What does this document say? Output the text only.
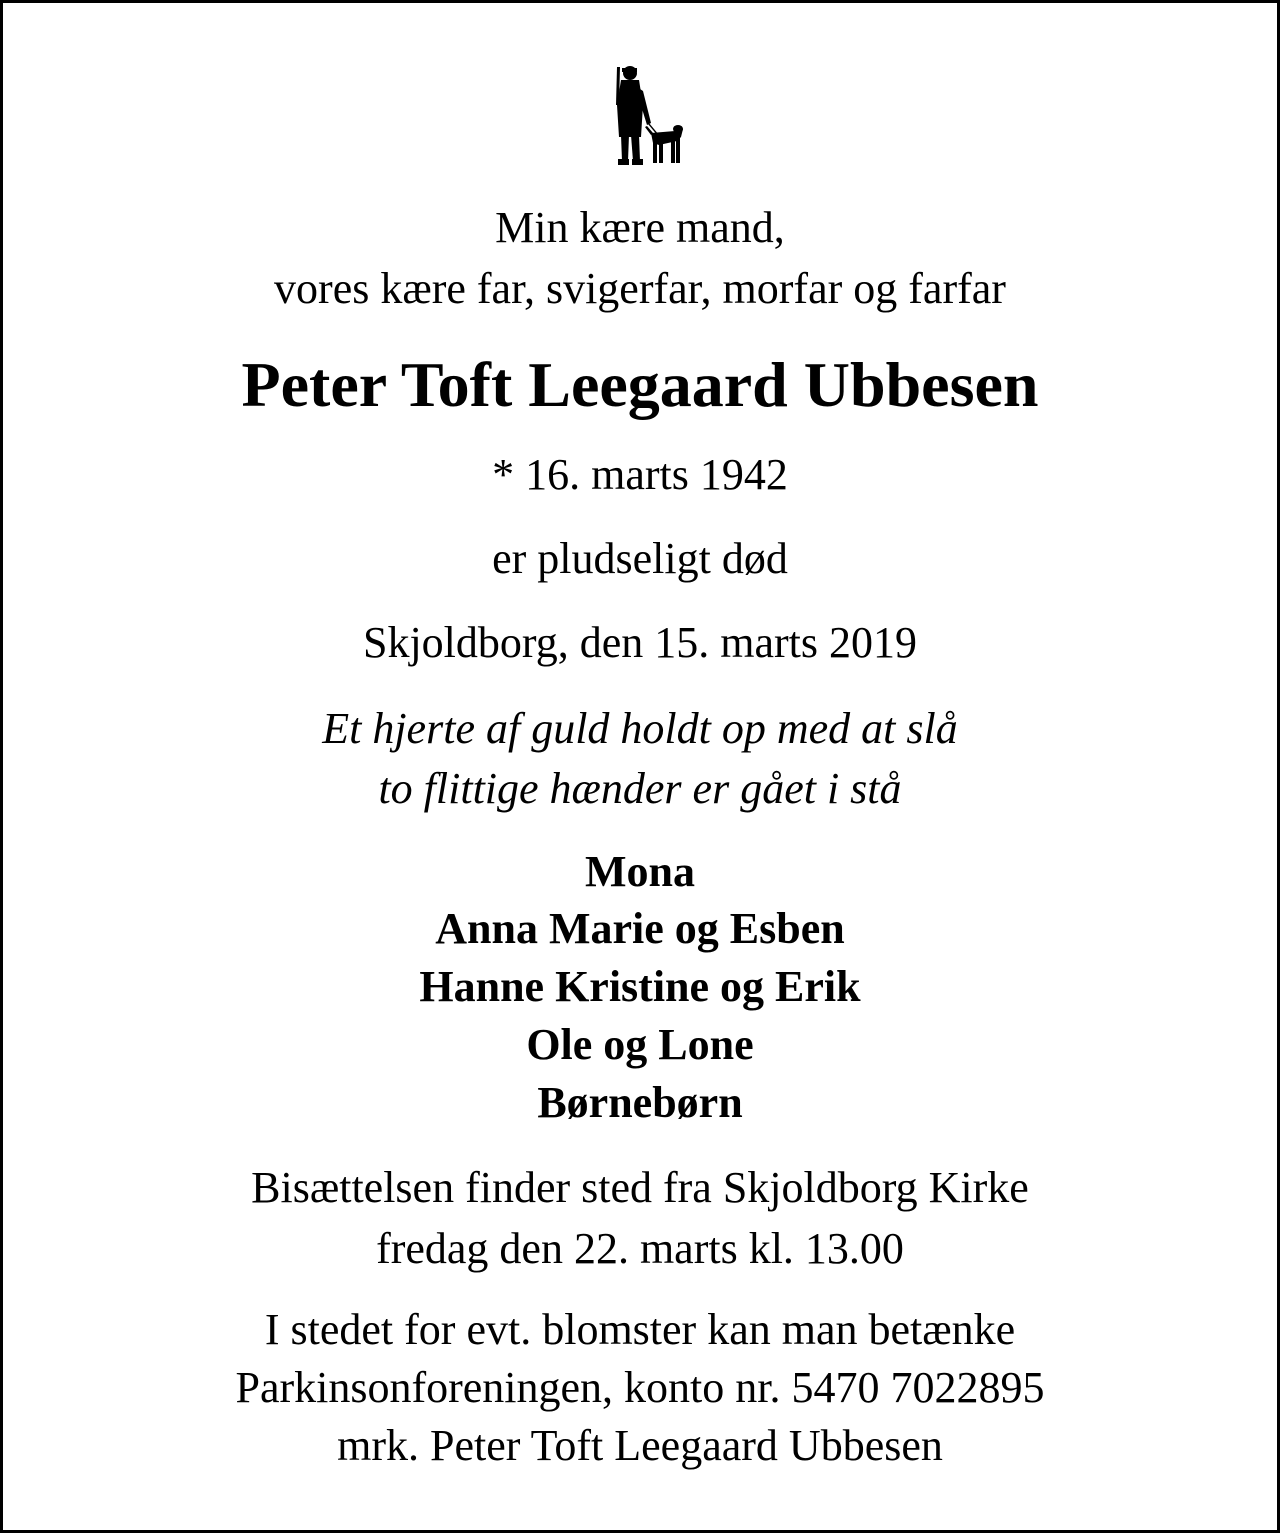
Min kære mand,

vores kære far, svigerfar, morfar og farfar

Peter Toft Leegaard Ubbesen

* 16. marts 1942

er pludseligt død

Skjoldborg, den 15. marts 2019

Et hjerte af guld holdt op med at slå

to flittige hænder er gået i stå

Mona

Anna Marie og Esben

Hanne Kristine og Erik

Ole og Lone

Børnebørn

Bisættelsen finder sted fra Skjoldborg Kirke

fredag den 22. marts kl. 13.00

I stedet for evt. blomster kan man betænke

Parkinsonforeningen, konto nr. 5470 7022895

mrk. Peter Toft Leegaard Ubbesen
